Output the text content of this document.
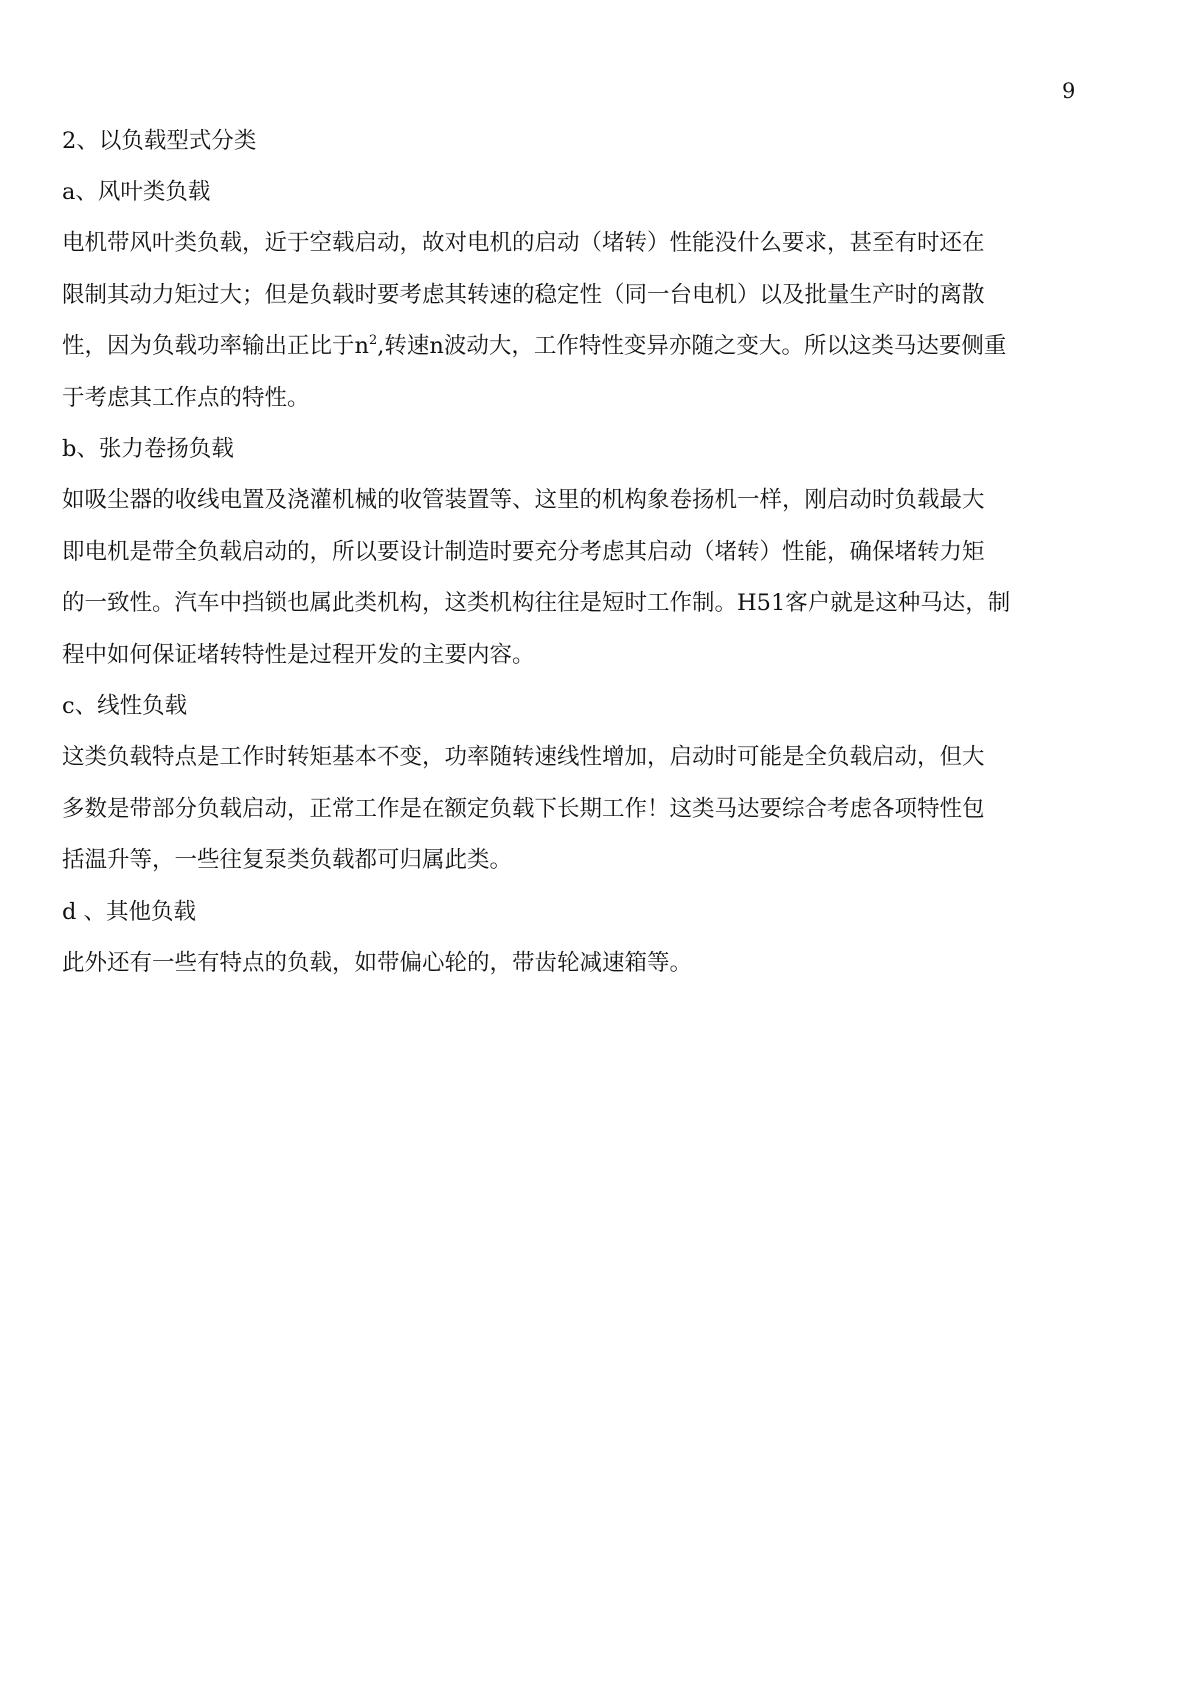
9
2、以负载型式分类
a、风叶类负载
电机带风叶类负载，近于空载启动，故对电机的启动（堵转）性能没什么要求，甚至有时还在
限制其动力矩过大；但是负载时要考虑其转速的稳定性（同一台电机）以及批量生产时的离散
性，因为负载功率输出正比于$n^2$,转速n波动大，工作特性变异亦随之变大。所以这类马达要侧重
于考虑其工作点的特性。
b、张力卷扬负载
如吸尘器的收线电置及浇灌机械的收管装置等、这里的机构象卷扬机一样，刚启动时负载最大
即电机是带全负载启动的，所以要设计制造时要充分考虑其启动（堵转）性能，确保堵转力矩
的一致性。汽车中挡锁也属此类机构，这类机构往往是短时工作制。H51客户就是这种马达，制
程中如何保证堵转特性是过程开发的主要内容。
c、线性负载
这类负载特点是工作时转矩基本不变，功率随转速线性增加，启动时可能是全负载启动，但大
多数是带部分负载启动，正常工作是在额定负载下长期工作！这类马达要综合考虑各项特性包
括温升等，一些往复泵类负载都可归属此类。
d 、其他负载
此外还有一些有特点的负载，如带偏心轮的，带齿轮减速箱等。
